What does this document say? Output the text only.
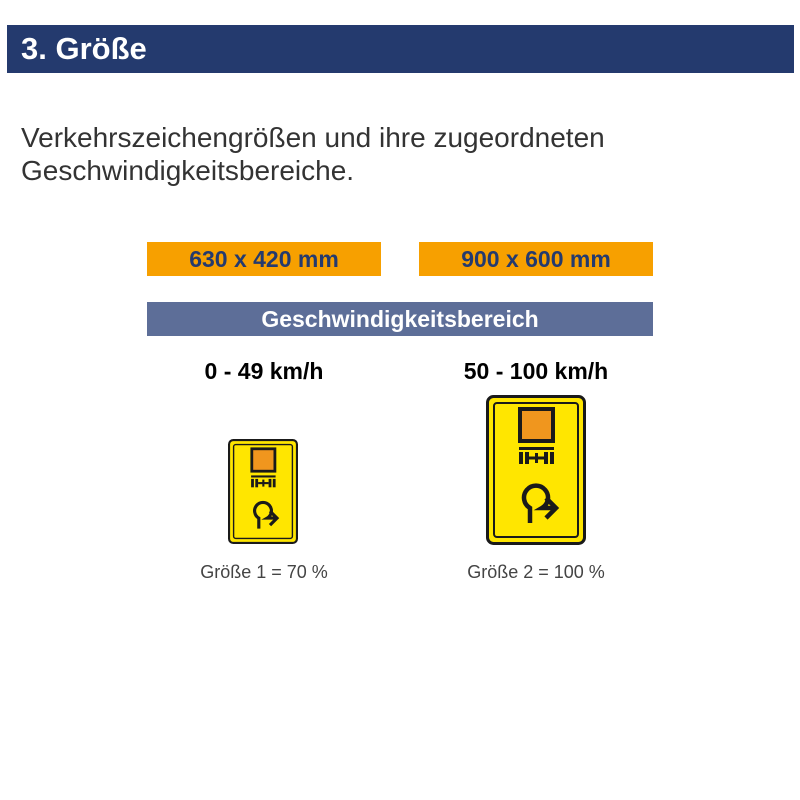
3. Größe
Verkehrszeichengrößen und ihre zugeordneten
Geschwindigkeitsbereiche.
630 x 420 mm	900 x 600 mm
Geschwindigkeitsbereich
0 - 49 km/h	50 - 100 km/h
Größe 1 = 70 %	Größe 2 = 100 %
